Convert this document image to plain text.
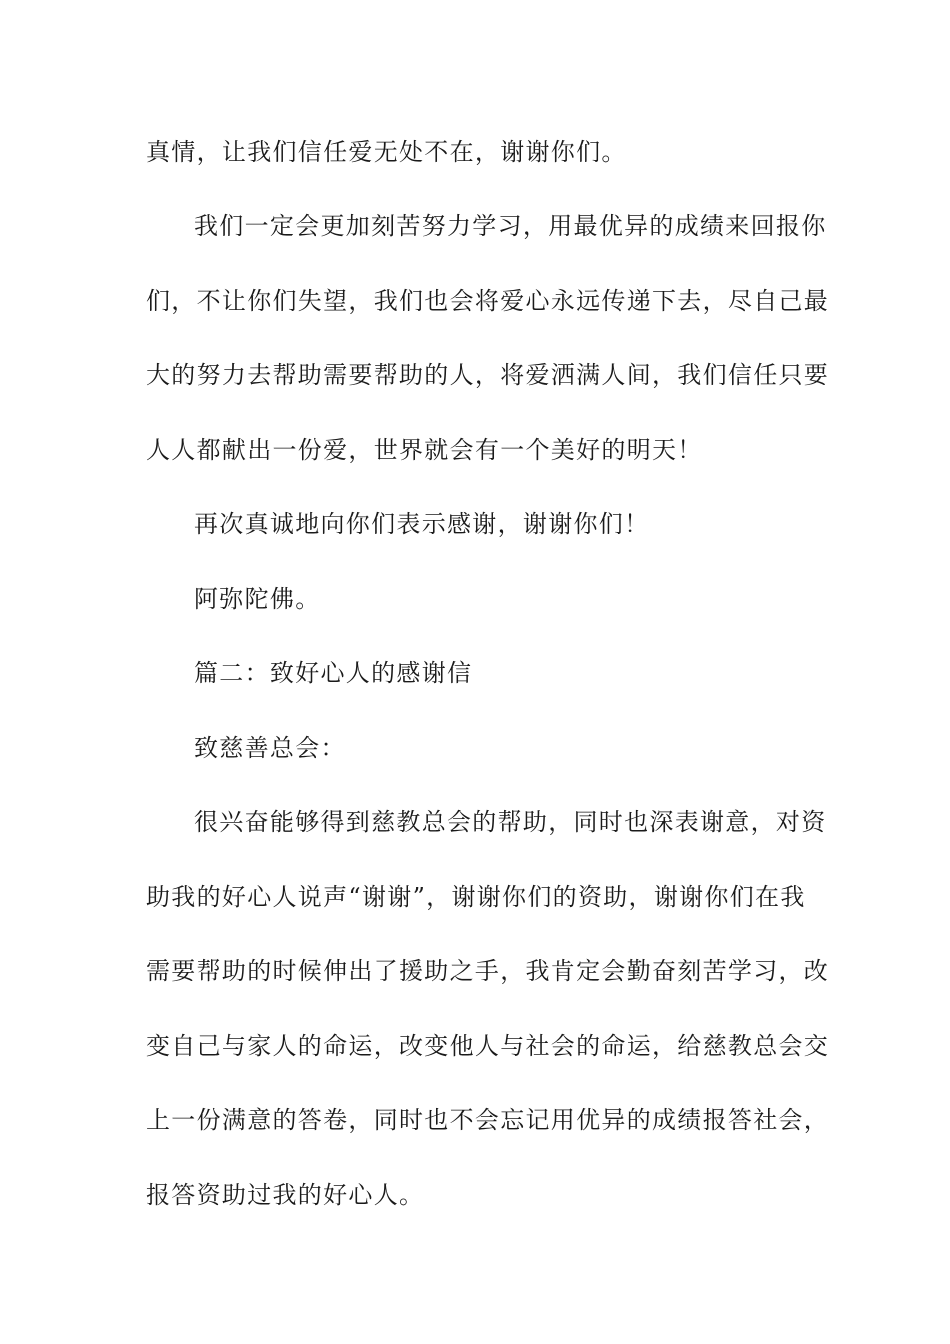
真情，让我们信任爱无处不在，谢谢你们。
我们一定会更加刻苦努力学习，用最优异的成绩来回报你
们，不让你们失望，我们也会将爱心永远传递下去，尽自己最
大的努力去帮助需要帮助的人，将爱洒满人间，我们信任只要
人人都献出一份爱，世界就会有一个美好的明天！
再次真诚地向你们表示感谢，谢谢你们！
阿弥陀佛。
篇二：致好心人的感谢信
致慈善总会：
很兴奋能够得到慈教总会的帮助，同时也深表谢意，对资
助我的好心人说声“谢谢”，谢谢你们的资助，谢谢你们在我
需要帮助的时候伸出了援助之手，我肯定会勤奋刻苦学习，改
变自己与家人的命运，改变他人与社会的命运，给慈教总会交
上一份满意的答卷，同时也不会忘记用优异的成绩报答社会，
报答资助过我的好心人。
